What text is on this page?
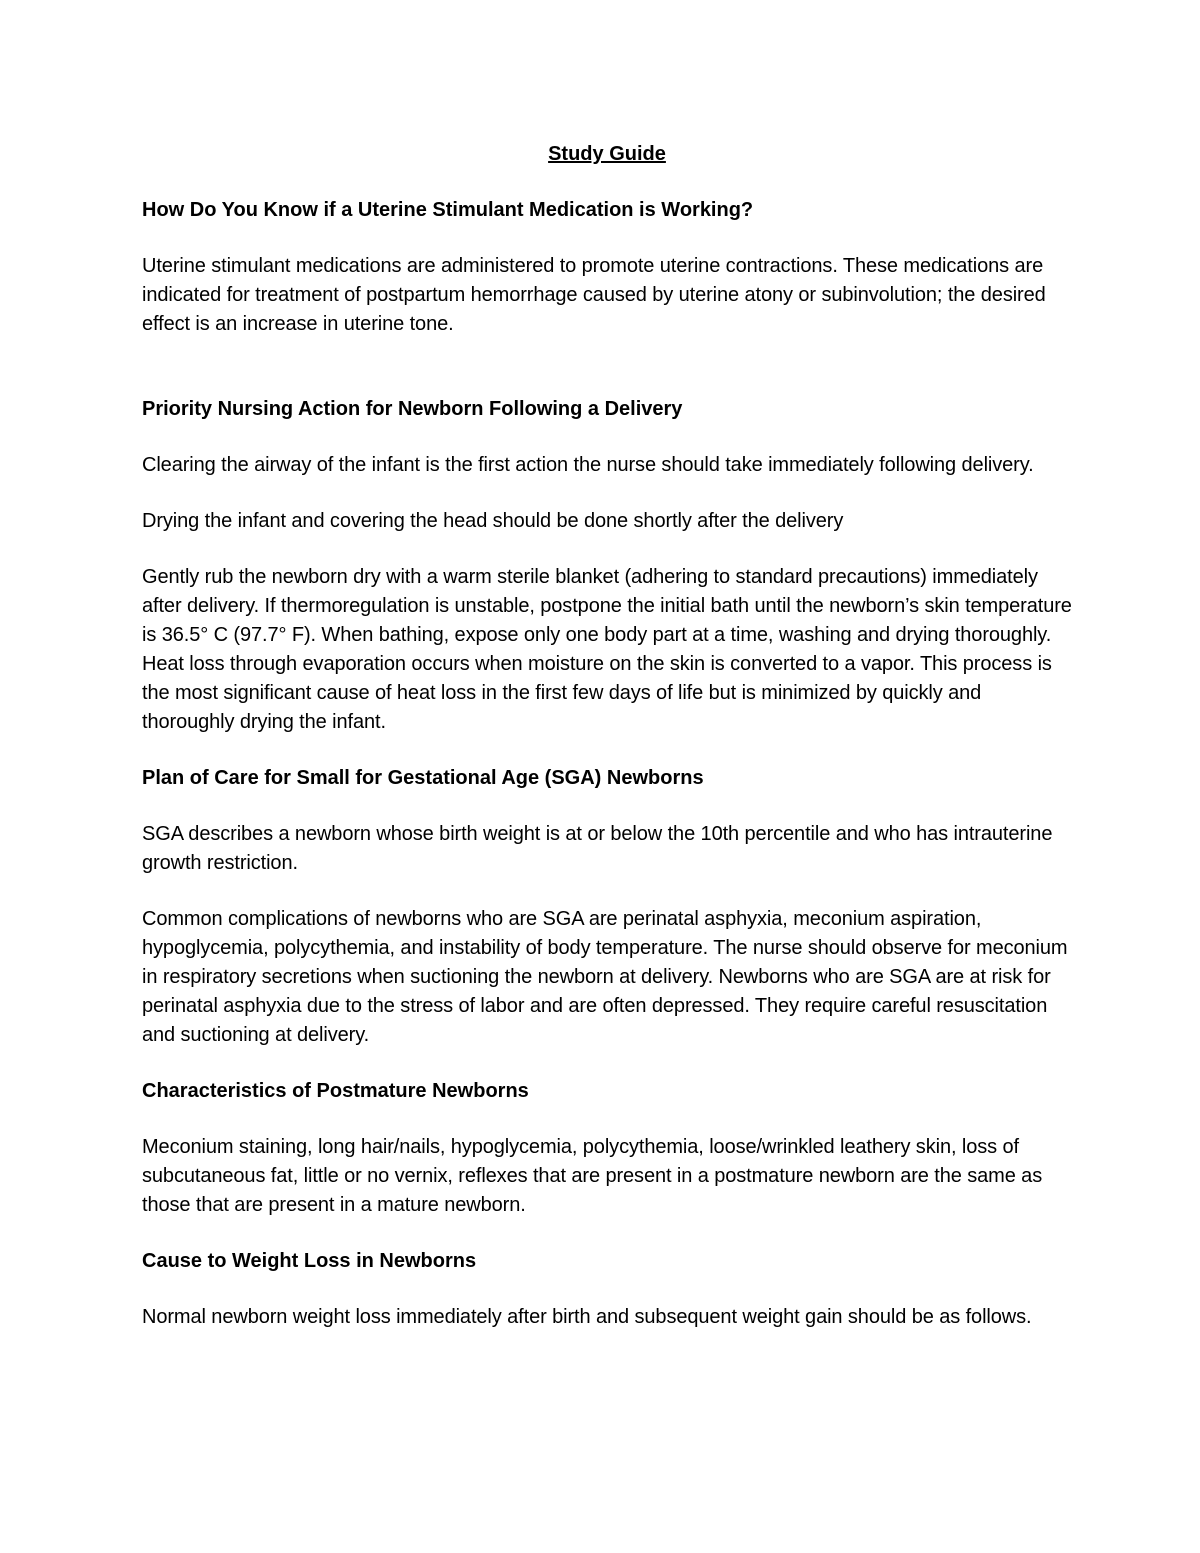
Study Guide
How Do You Know if a Uterine Stimulant Medication is Working?
Uterine stimulant medications are administered to promote uterine contractions. These medications are indicated for treatment of postpartum hemorrhage caused by uterine atony or subinvolution; the desired effect is an increase in uterine tone.
Priority Nursing Action for Newborn Following a Delivery
Clearing the airway of the infant is the first action the nurse should take immediately following delivery.
Drying the infant and covering the head should be done shortly after the delivery
Gently rub the newborn dry with a warm sterile blanket (adhering to standard precautions) immediately after delivery. If thermoregulation is unstable, postpone the initial bath until the newborn’s skin temperature is 36.5° C (97.7° F). When bathing, expose only one body part at a time, washing and drying thoroughly. Heat loss through evaporation occurs when moisture on the skin is converted to a vapor. This process is the most significant cause of heat loss in the first few days of life but is minimized by quickly and thoroughly drying the infant.
Plan of Care for Small for Gestational Age (SGA) Newborns
SGA describes a newborn whose birth weight is at or below the 10th percentile and who has intrauterine growth restriction.
Common complications of newborns who are SGA are perinatal asphyxia, meconium aspiration, hypoglycemia, polycythemia, and instability of body temperature. The nurse should observe for meconium in respiratory secretions when suctioning the newborn at delivery. Newborns who are SGA are at risk for perinatal asphyxia due to the stress of labor and are often depressed. They require careful resuscitation and suctioning at delivery.
Characteristics of Postmature Newborns
Meconium staining, long hair/nails, hypoglycemia, polycythemia, loose/wrinkled leathery skin, loss of subcutaneous fat, little or no vernix, reflexes that are present in a postmature newborn are the same as those that are present in a mature newborn.
Cause to Weight Loss in Newborns
Normal newborn weight loss immediately after birth and subsequent weight gain should be as follows.
